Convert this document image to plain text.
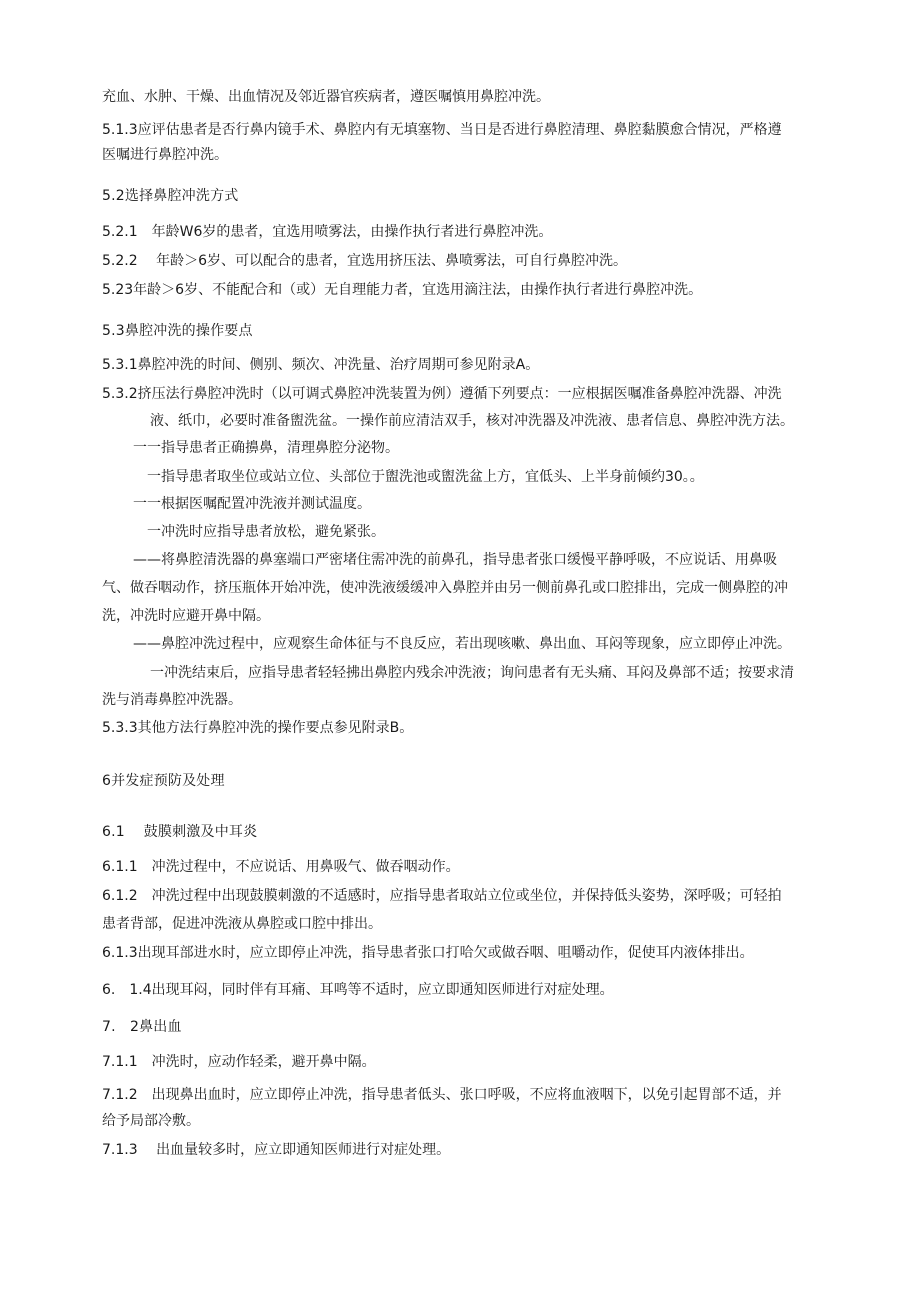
充血、水肿、干燥、出血情况及邻近器官疾病者，遵医嘱慎用鼻腔冲洗。
5.1.3应评估患者是否行鼻内镜手术、鼻腔内有无填塞物、当日是否进行鼻腔清理、鼻腔黏膜愈合情况，严格遵
医嘱进行鼻腔冲洗。
5.2选择鼻腔冲洗方式
5.2.1　年龄W6岁的患者，宜选用喷雾法，由操作执行者进行鼻腔冲洗。
5.2.2　 年龄＞6岁、可以配合的患者，宜选用挤压法、鼻喷雾法，可自行鼻腔冲洗。
5.23年龄＞6岁、不能配合和（或）无自理能力者，宜选用滴注法，由操作执行者进行鼻腔冲洗。
5.3鼻腔冲洗的操作要点
5.3.1鼻腔冲洗的时间、侧别、频次、冲洗量、治疗周期可参见附录A。
5.3.2挤压法行鼻腔冲洗时（以可调式鼻腔冲洗装置为例）遵循下列要点：一应根据医嘱准备鼻腔冲洗器、冲洗
液、纸巾，必要时准备盥洗盆。一操作前应清洁双手，核对冲洗器及冲洗液、患者信息、鼻腔冲洗方法。
一一指导患者正确擤鼻，清理鼻腔分泌物。
一指导患者取坐位或站立位、头部位于盥洗池或盥洗盆上方，宜低头、上半身前倾约30。。
一一根据医嘱配置冲洗液并测试温度。
一冲洗时应指导患者放松，避免紧张。
——将鼻腔清洗器的鼻塞端口严密堵住需冲洗的前鼻孔，指导患者张口缓慢平静呼吸，不应说话、用鼻吸
气、做吞咽动作，挤压瓶体开始冲洗，使冲洗液缓缓冲入鼻腔并由另一侧前鼻孔或口腔排出，完成一侧鼻腔的冲
洗，冲洗时应避开鼻中隔。
——鼻腔冲洗过程中，应观察生命体征与不良反应，若出现咳嗽、鼻出血、耳闷等现象，应立即停止冲洗。
一冲洗结束后，应指导患者轻轻拂出鼻腔内残余冲洗液；询问患者有无头痛、耳闷及鼻部不适；按要求清
洗与消毒鼻腔冲洗器。
5.3.3其他方法行鼻腔冲洗的操作要点参见附录B。
6并发症预防及处理
6.1　 鼓膜刺激及中耳炎
6.1.1　冲洗过程中，不应说话、用鼻吸气、做吞咽动作。
6.1.2　冲洗过程中出现鼓膜刺激的不适感时，应指导患者取站立位或坐位，并保持低头姿势，深呼吸；可轻拍
患者背部，促进冲洗液从鼻腔或口腔中排出。
6.1.3出现耳部进水时，应立即停止冲洗，指导患者张口打哈欠或做吞咽、咀嚼动作，促使耳内液体排出。
6.　1.4出现耳闷，同时伴有耳痛、耳鸣等不适时，应立即通知医师进行对症处理。
7.　2鼻出血
7.1.1　冲洗时，应动作轻柔，避开鼻中隔。
7.1.2　出现鼻出血时，应立即停止冲洗，指导患者低头、张口呼吸，不应将血液咽下，以免引起胃部不适，并
给予局部冷敷。
7.1.3　 出血量较多时，应立即通知医师进行对症处理。
